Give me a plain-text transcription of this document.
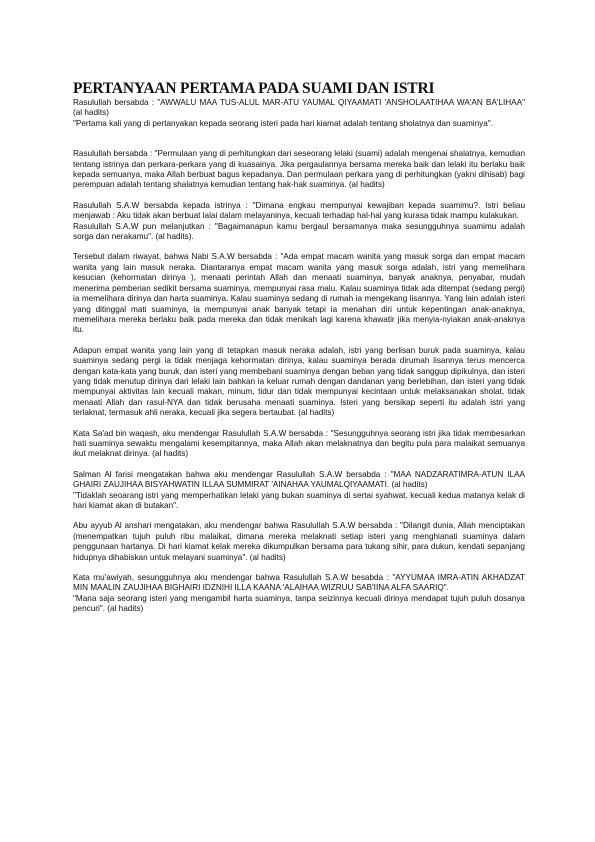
PERTANYAAN PERTAMA PADA SUAMI DAN ISTRI

Rasulullah bersabda : "AWWALU MAA TUS-ALUL MAR-ATU YAUMAL QIYAAMATI 'ANSHOLAATIHAA WA'AN BA'LIHAA" (al hadits)

"Pertama kali yang di pertanyakan kepada seorang isteri pada hari kiamat adalah tentang sholatnya dan suaminya".

Rasulullah bersabda : "Permulaan yang di perhitungkan dari seseorang lelaki (suami) adalah mengenai shalatnya, kemudian tentang istrinya dan perkara-perkara yang di kuasainya. Jika pergaulannya bersama mereka baik dan lelaki itu berlaku baik kepada semuanya, maka Allah berbuat bagus kepadanya. Dan permulaan perkara yang di perhitungkan (yakni dihisab) bagi perempuan adalah tentang shalatnya kemudian tentang hak-hak suaminya. (al hadits)

Rasulullah S.A.W bersabda kepada istrinya : "Dimana engkau mempunyai kewajiban kepada suamimu?. Istri beliau menjawab : Aku tidak akan berbuat lalai dalam melayaninya, kecuali terhadap hal-hal yang kurasa tidak mampu kulakukan.

Rasulullah S.A.W pun melanjutkan : "Bagaimanapun kamu bergaul bersamanya maka sesungguhnya suamimu adalah sorga dan nerakamu". (al hadits).

Tersebut dalam riwayat, bahwa Nabi S.A.W bersabda : "Ada empat macam wanita yang masuk sorga dan empat macam wanita yang lain masuk neraka. Diantaranya empat macam wanita yang masuk sorga adalah, istri yang memelihara kesucian (kehormatan dirinya ), menaati perintah Allah dan menaati suaminya, banyak anaknya, penyabar, mudah menerima pemberian sedikit bersama suaminya, mempunyai rasa malu. Kalau suaminya tidak ada ditempat (sedang pergi) ia memelihara dirinya dan harta suaminya. Kalau suaminya sedang di rumah ia mengekang lisannya. Yang lain adalah isteri yang ditinggal mati suaminya, ia mempunyai anak banyak tetapi ia menahan diri untuk kepentingan anak-anaknya, memelihara mereka berlaku baik pada mereka dan tidak menikah lagi karena khawatir jika menyia-nyiakan anak-anaknya itu.

Adapun empat wanita yang lain yang di tetapkan masuk neraka adalah, istri yang berlisan buruk pada suaminya, kalau suaminya sedang pergi ia tidak menjaga kehormatan dirinya, kalau suaminya berada dirumah lisannya terus mencerca dengan kata-kata yang buruk, dan isteri yang membebani suaminya dengan beban yang tidak sanggup dipikulnya, dan isteri yang tidak menutup dirinya dari lelaki lain bahkan ia keluar rumah dengan dandanan yang berlebihan, dan isteri yang tidak mempunyai aktivitas lain kecuali makan, minum, tidur dan tidak mempunyai kecintaan untuk melaksanakan sholat, tidak menaati Allah dan rasul-NYA dan tidak berusaha menaati suaminya. Isteri yang bersikap seperti itu adalah istri yang terlaknat, termasuk ahli neraka, kecuali jika segera bertaubat. (al hadits)

Kata Sa'ad bin waqash, aku mendengar Rasulullah S.A.W bersabda : "Sesungguhnya seorang istri jika tidak membesarkan hati suaminya sewaktu mengalami kesempitannya, maka Allah akan melaknatnya dan begitu pula para malaikat semuanya ikut melaknat dirinya. (al hadits)

Salman Al farisi mengatakan bahwa aku mendengar Rasulullah S.A.W bersabda : "MAA NADZARATIMRA-ATUN ILAA GHAIRI ZAUJIHAA BISYAHWATIN ILLAA SUMMIRAT 'AINAHAA YAUMALQIYAAMATI. (al hadits)

"Tidaklah seoarang istri yang memperhatikan lelaki yang bukan suaminya di sertai syahwat, kecuali kedua matanya kelak di hari kiamat akan di butakan".

Abu ayyub Al anshari mengatakan, aku mendengar bahwa Rasulullah S.A.W bersabda : "Dilangit dunia, Allah menciptakan (menempatkan tujuh puluh ribu malaikat, dimana mereka melaknati setiap isteri yang menghianati suaminya dalam penggunaan hartanya. Di hari kiamat kelak mereka dikumpulkan bersama para tukang sihir, para dukun, kendati sepanjang hidupnya dihabiskan untuk melayani suaminya". (al hadits)

Kata mu'awiyah, sesungguhnya aku mendengar bahwa Rasulullah S.A.W besabda : "AYYUMAA IMRA-ATIN AKHADZAT MIN MAALIN ZAUJIHAA BIGHAIRI IDZNIHI ILLA KAANA 'ALAIHAA WIZRUU SAB'IINA ALFA SAARIQ".

"Mana saja seorang isteri yang mengambil harta suaminya, tanpa seizinnya kecuali dirinya mendapat tujuh puluh dosanya pencuri". (al hadits)
